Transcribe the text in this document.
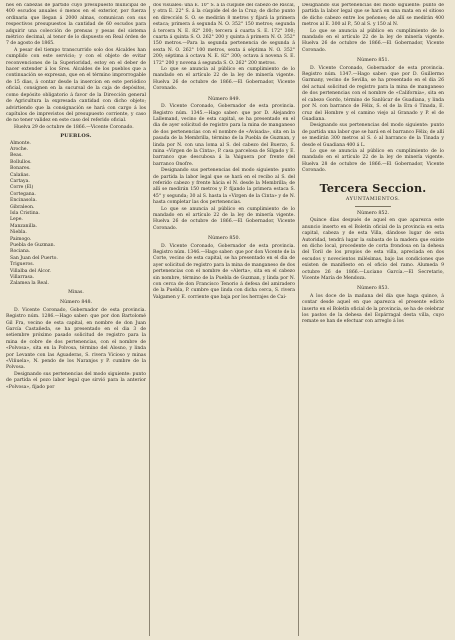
nes en cabezas de partido cuyo presupuesto municipal de 400 escudos anuales ó menos en el exterior, por fuerza ordinaria que llegan á 2000 almas, comunican con sus respectivos presupuestos la cantidad de 60 escudos para adquirir una colección de prensas y pesas del sistema métrico decimal, al tenor de lo dispuesto en Real órden de 7 de agosto de 1865.

A pesar del tiempo transcurrido solo dos Alcaldes han cumplido con este servicio; y con el objeto de evitar reconvenciones de la Superioridad, estoy en el deber de hacer extender á los Sres. Alcaldes de los pueblos que a continuación se expresan, que en el término improrrogable de 15 dias, á contar desde la insercion en este periódico oficial, consignen en la sucursal de la caja de depósitos, como depósito obligatorio á favor de la Dirección general de Agricultura la expresada cantidad con dicho objeto; advirtiendo que la consignación se hará con cargo á los capítulos de imprevistos del presupuesto corriente, y caso de no tener validez en este caso del referido oficial.

Huelva 29 de octubre de 1866.—Vicente Coronado.

PUEBLOS.
Almonte.
Aroche.
Beas.
Bollullos.
Bonares.
Calañas.
Cartaya.
Corre (El)
Cortegana.
Encinasola.
Gibraleon.
Isla Cristina.
Lepe.
Manzanilla.
Niebla.
Paimogo.
Puebla de Guzman.
Rociana.
San Juan del Puerto.
Trigueros.
Villalba del Alcor.
Villarrasa.
Zalamea la Real.
Minas.
Número 848.

D. Vicente Coronado, Gobernador de esta provincia. Registro núm. 1286.—Hago saber: que por don Bartolomé Gil Fra, vecino de esta capital, en nombre de don Juan García Castañeda, se ha presentado en el dia 3 de setiembre próximo pasado solicitud de registro para la mina de cobre de dos pertenencias, con el nombre de «Polvosa», sita en la Polvosa, término del Alosno, y linda por Levante con las Aguaderas, S. rivera Vicioso y minas «Viñuela», N. pendo de los Naranjos y P. cumbre de la Polvosa.

Designando sus pertenencias del modo siguiente: punto de partida el pozo labor legal que sirvió para la anterior «Polvosa», fijado por

dos visuales: una E. 10° S. á la cúspide del cabezo de Riscal, y otra E. 22° S. á la cúspide del de la Cruz; de dicho punto en dirección S. O. se medirán 8 metros y fijará la primera estaca; primera á segunda N. O. 352° 150 metros; segunda á tercera N. E. 82° 200; tercera á cuarta S. E. 172° 300; cuarta á quinta S. O. 262° 200 y quinta á primera N. O. 352° 150 metros.—Para la segunda pertenencia de segunda á sexta N. O. 262° 100 metros, sexta á séptima N. O. 352° 200; séptima á octava N. E. 82° 300; octava á novena S. E. 172° 200 y novena á segunda S. O. 262° 200 metros.

Lo que se anuncia al público en cumplimiento de lo mandado en el artículo 22 de la ley de minería vigente. Huelva 26 de octubre de 1866.—El Gobernador, Vicente Coronado.

Número 849.

D. Vicente Coronado, Gobernador de esta provincia. Registro núm. 1345.—Hago saber: que por D. Alejandro Lallemand, vecino de esta capital, se ha presentado en el dia de ayer solicitud de registro para la mina de manganeso de dos pertenencias con el nombre de «Avisada», sita en la pasada de la Membrilla, término de la Puebla de Guzman, y linda por N. con una loma al S. del cabezo del Buerzo, S. mina «Virgen de la Cinta», P. casa parcelosa de Silgado y E. barranco que descubosa á la Vaiguera por frente del barranco Onofre.

Designando sus pertenencias del modo siguiente: punto de partida la labor legal que se hará en el recibo al S. del referido cabezo y frente hácia el N. desde la Membrilla; de allí se medirán 150 metros y P. fijando la primera estaca S. 45° y segunda; 30 al S. hasta la «Virgen de la Cinta» y de N. hasta completar las dos pertenencias.

Lo que se anuncia al público en cumplimiento de lo mandado en el artículo 22 de la ley de minería vigente. Huelva 26 de octubre de 1866.—El Gobernador, Vicente Coronado.

Número 850.

D. Vicente Coronado, Gobernador de esta provincia. Registro núm. 1346.—Hago saber: que por don Vicente de la Corte, vecino de esta capital, se ha presentado en el dia de ayer solicitud de registro para la mina de manganeso de dos pertenencias con el nombre de «Alerta», sita en el cabezo sin nombre, término de la Puebla de Guzman, y linda por N. con cerca de don Francisco Tenorio á defesa del amiradero de la Puebla, P. cumbre que linda con dicha cerca, S. rivera Valgamen y E. corriente que baja por los herrajes de Cai-

Designando sus pertenencias del modo siguiente: punto de partida la labor legal que se hará en una mata en el sitioso de dicho cabezo entre los peñones; de allí se medirán 400 metros al E. 300 al P., 50 al S. y 150 al N.

Lo que se anuncia al público en cumplimiento de lo mandado en el artículo 22 de la ley de minería vigente. Huelva 26 de octubre de 1866.—El Gobernador, Vicente Coronado.

Número 851.

D. Vicente Coronado, Gobernador de esta provincia. Registro núm. 1347.—Hago saber: que por D. Guillermo Garmany, vecino de Sevilla, se ha presentado en el dia 26 del actual solicitud de registro para la mina de manganeso de dos pertenencias con el nombre de «California», sita en el cabezo Gordo, término de Sanlúcar de Guadiana, y linda por N. con barranco de Félix, S. el de la Era ó Tinada, E. cruz del Hombre y el camino viejo al Granado y P. el de Guadiana.

Designando sus pertenencias del modo siguiente: punto de partida una labor que se hará en el barranco Félix; de allí se medirán 300 metros al S. ó al barranco de la Tinada y desde el Guadiana 400 á L.

Lo que se anuncia al público en cumplimiento de lo mandado en el artículo 22 de la ley de minería vigente. Huelva 28 de octubre de 1866.—El Gobernador, Vicente Coronado.

Tercera Seccion.
AYUNTAMIENTOS.
Número 852.

Quince días después de aquel en que aparezca este anuncio inserto en el Boletín oficial de la provincia en esta capital, cabeza y de esta Villa, dándose lugar de esta Autoridad, tendrá lugar la subasta de la madera que existe en dicho local, procedente de corta frondosa en la dehesa del Toril de los propios de esta villa, apreciada en dos escudos y novecientos milésimas, bajo las condiciones que existen de manifiesto en el oficio del ramo. Alumeda 9 octubre 26 de 1866.—Luciano García.—El Secretario, Vicente María de Mendoza.

Número 853.

A los doce de la mañana del día que haga quince, á contar desde aquel en que aparezca el presente edicto inserto en el Boletín oficial de la provincia, se ha de celebrar los pastos de la dehesa del Espárragal desta villa, cuyo remate se han de efectuar con arreglo á los
